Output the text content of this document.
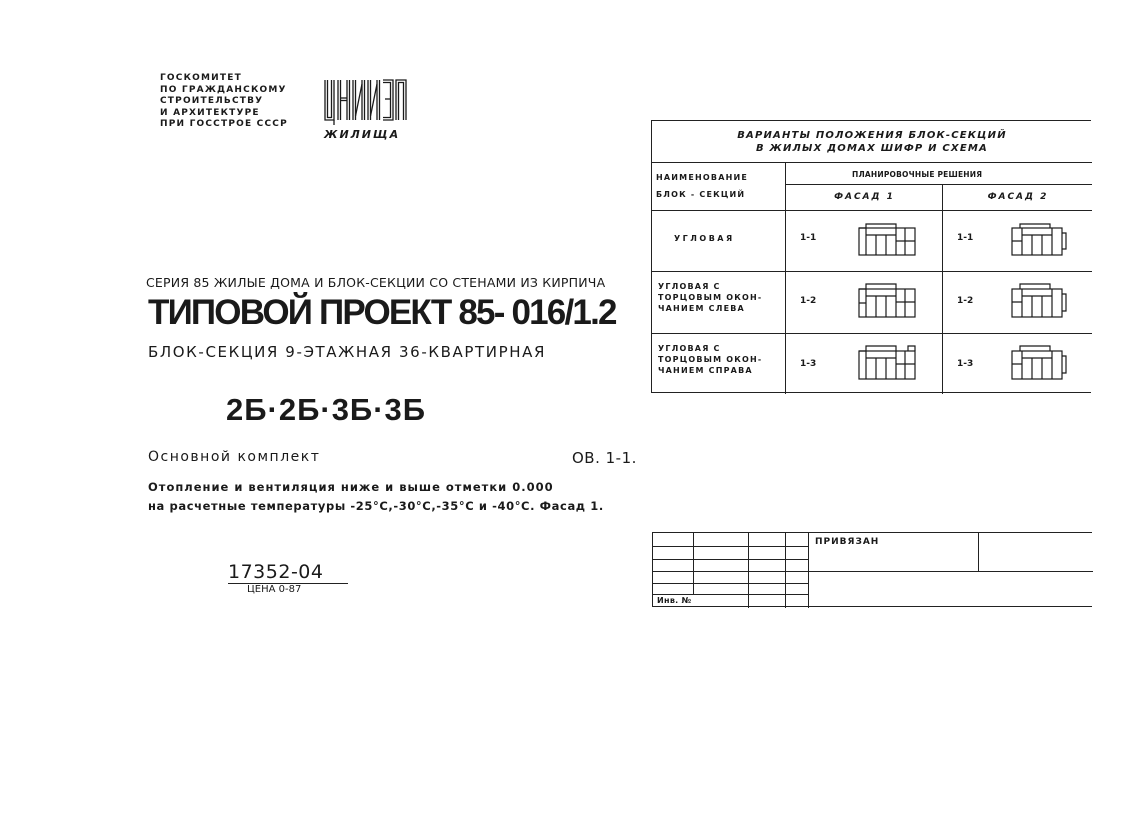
ГОСКОМИТЕТ
ПО ГРАЖДАНСКОМУ
СТРОИТЕЛЬСТВУ
И АРХИТЕКТУРЕ
ПРИ ГОССТРОЕ СССР
ЖИЛИЩА
СЕРИЯ 85 ЖИЛЫЕ ДОМА И БЛОК-СЕКЦИИ СО СТЕНАМИ ИЗ КИРПИЧА
ТИПОВОЙ ПРОЕКТ 85- 016/1.2
БЛОК-СЕКЦИЯ 9-ЭТАЖНАЯ 36-КВАРТИРНАЯ
2Б·2Б·3Б·3Б
Основной комплект	ОВ. 1-1.
Отопление и вентиляция ниже и выше отметки 0.000
на расчетные температуры -25°С,-30°С,-35°С и -40°С. Фасад 1.
17352-04
ЦЕНА 0-87
ВАРИАНТЫ ПОЛОЖЕНИЯ БЛОК-СЕКЦИЙ
В ЖИЛЫХ ДОМАХ ШИФР И СХЕМА
НАИМЕНОВАНИЕ
БЛОК - СЕКЦИЙ
ПЛАНИРОВОЧНЫЕ РЕШЕНИЯ
ФАСАД 1	ФАСАД 2
УГЛОВАЯ	1-1	1-1
УГЛОВАЯ С
ТОРЦОВЫМ ОКОН-
ЧАНИЕМ СЛЕВА
1-2	1-2
УГЛОВАЯ С
ТОРЦОВЫМ ОКОН-
ЧАНИЕМ СПРАВА
1-3	1-3
ПРИВЯЗАН
Инв. №
